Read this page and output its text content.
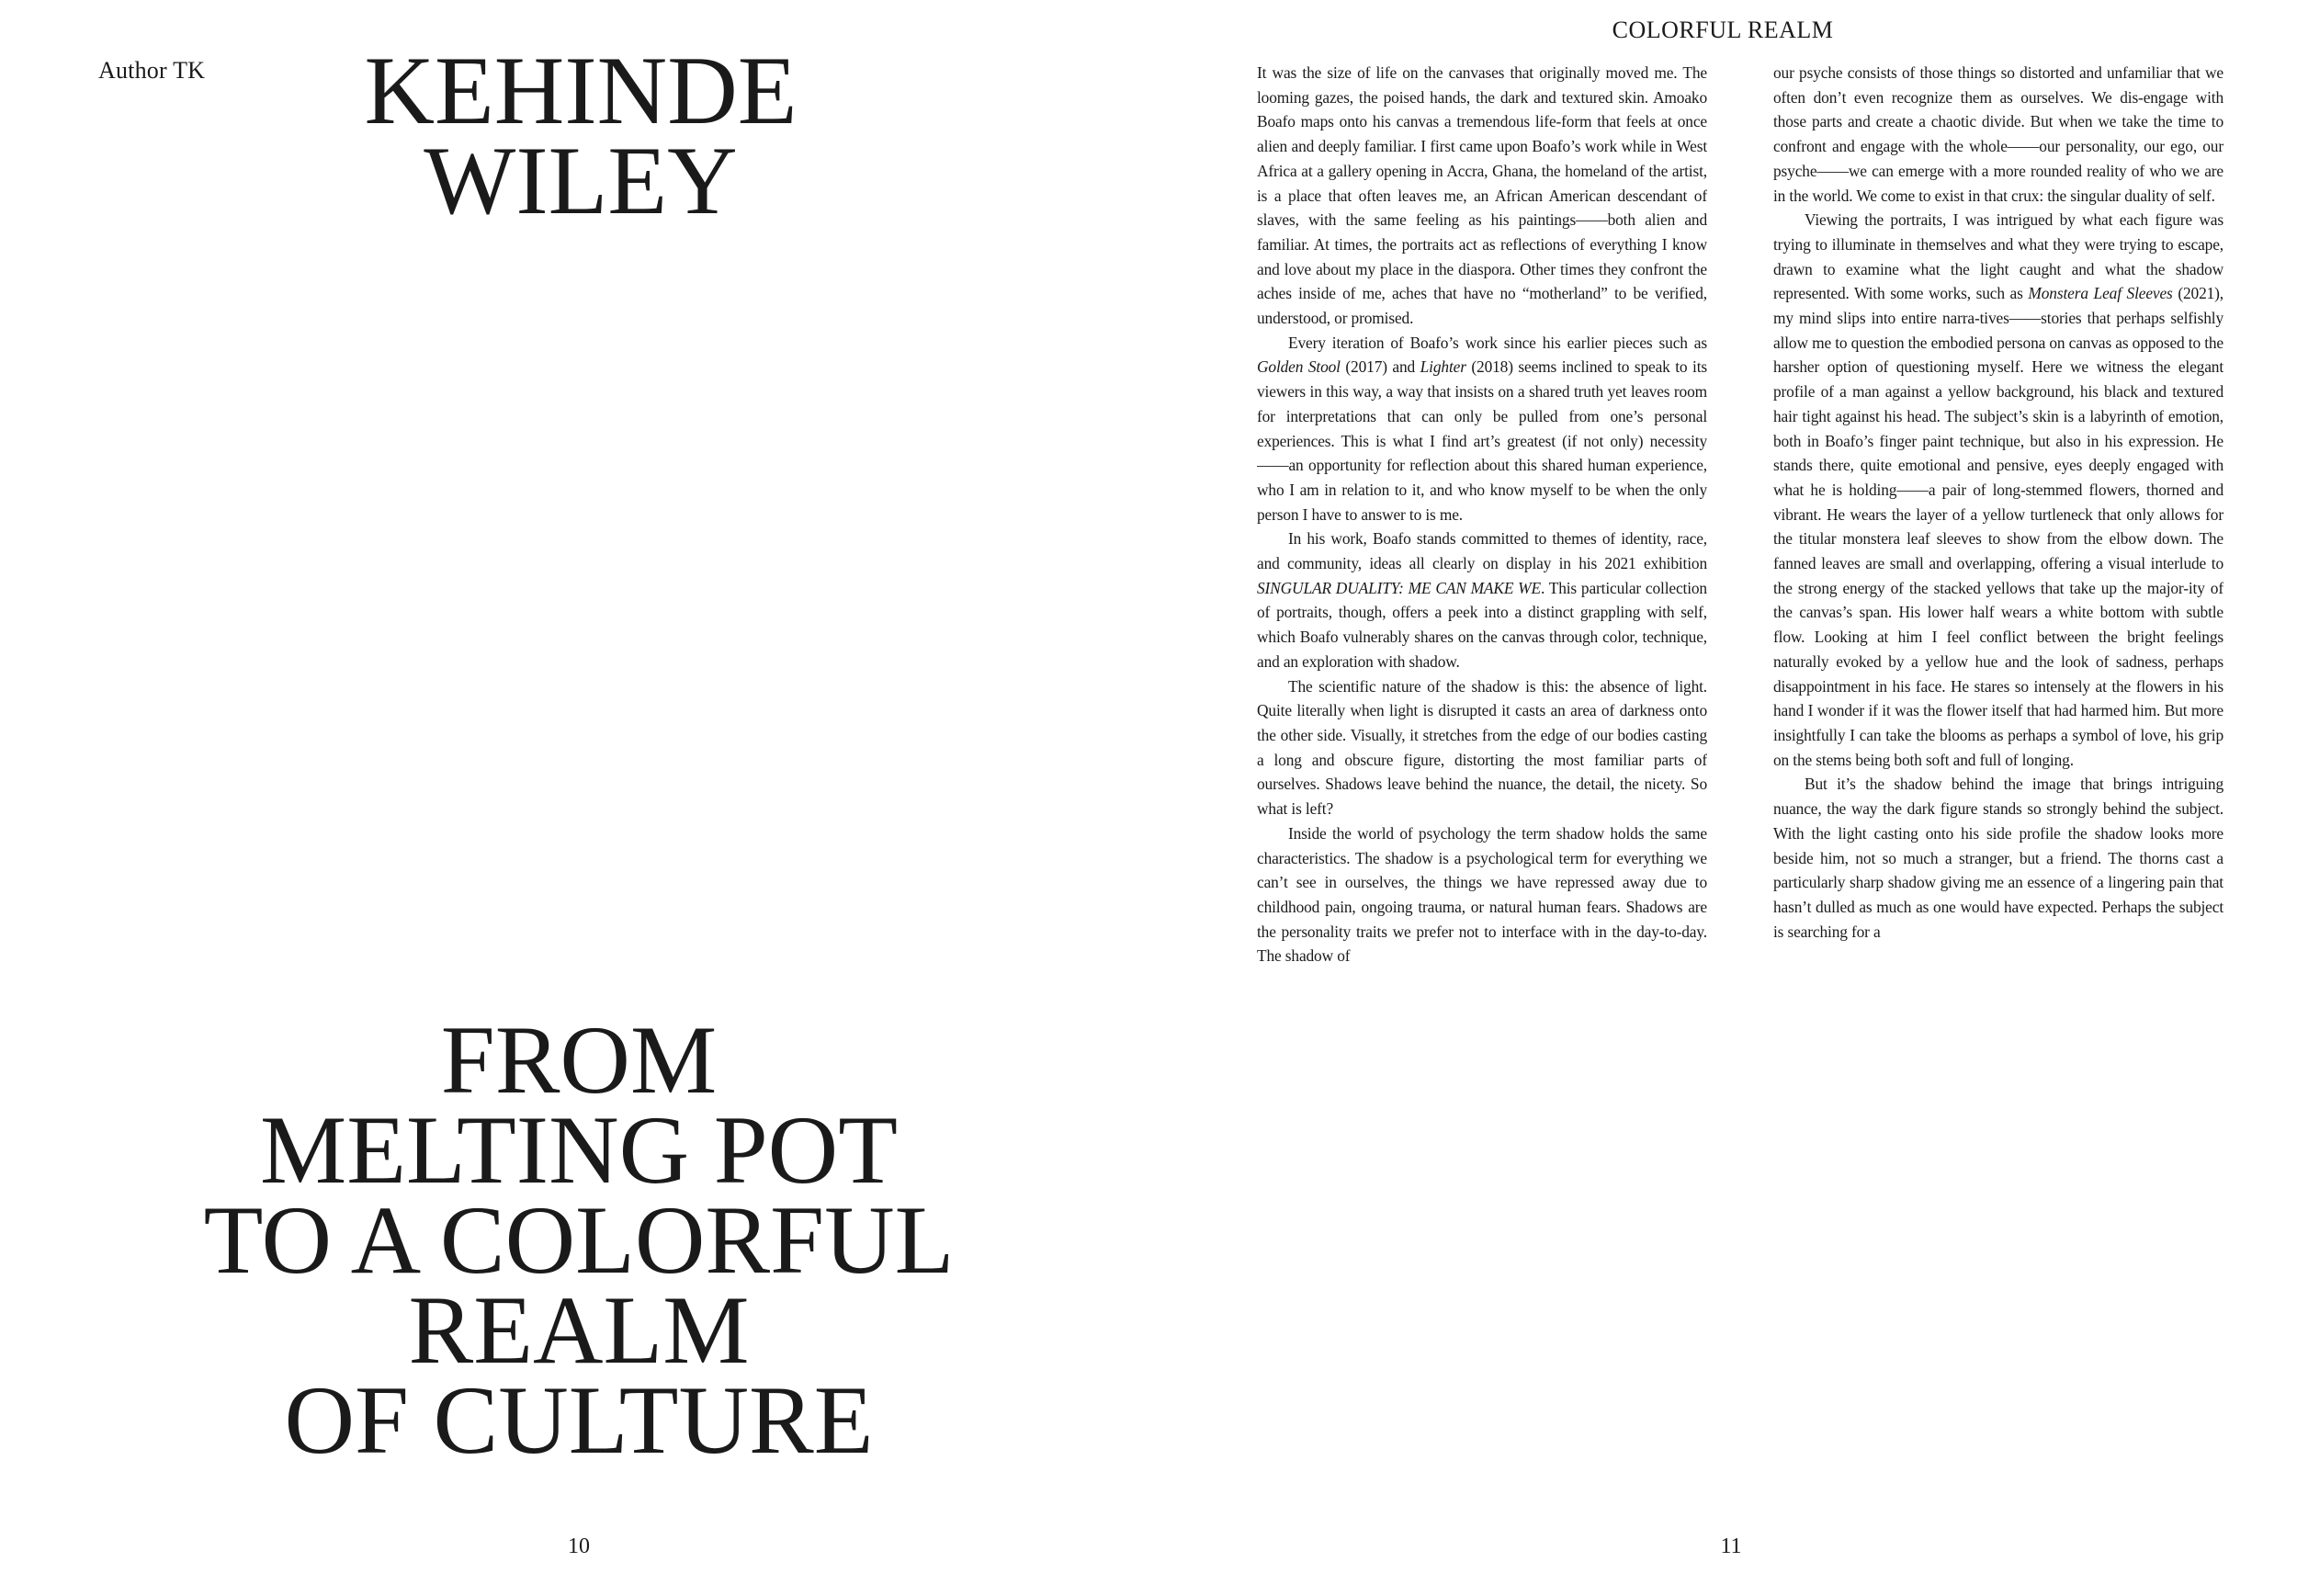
Author TK KEHINDE
WILEY
FROM
MELTING POT
TO A COLORFUL
REALM
OF CULTURE
10
COLORFUL REALM

It was the size of life on the canvases that originally moved me. The looming gazes, the poised hands, the dark and textured skin. Amoako Boafo maps onto his canvas a tremendous life-form that feels at once alien and deeply familiar. I first came upon Boafo’s work while in West Africa at a gallery opening in Accra, Ghana, the homeland of the artist, is a place that often leaves me, an African American descendant of slaves, with the same feeling as his paintings——both alien and familiar. At times, the portraits act as reflections of everything I know and love about my place in the diaspora. Other times they confront the aches inside of me, aches that have no “motherland” to be verified, understood, or promised.

Every iteration of Boafo’s work since his earlier pieces such as Golden Stool (2017) and Lighter (2018) seems inclined to speak to its viewers in this way, a way that insists on a shared truth yet leaves room for interpretations that can only be pulled from one’s personal experiences. This is what I find art’s greatest (if not only) necessity——an opportunity for reflection about this shared human experience, who I am in relation to it, and who know myself to be when the only person I have to answer to is me.

In his work, Boafo stands committed to themes of identity, race, and community, ideas all clearly on display in his 2021 exhibition SINGULAR DUALITY: ME CAN MAKE WE. This particular collection of portraits, though, offers a peek into a distinct grappling with self, which Boafo vulnerably shares on the canvas through color, technique, and an exploration with shadow.

The scientific nature of the shadow is this: the absence of light. Quite literally when light is disrupted it casts an area of darkness onto the other side. Visually, it stretches from the edge of our bodies casting a long and obscure figure, distorting the most familiar parts of ourselves. Shadows leave behind the nuance, the detail, the nicety. So what is left?

Inside the world of psychology the term shadow holds the same characteristics. The shadow is a psychological term for everything we can’t see in ourselves, the things we have repressed away due to childhood pain, ongoing trauma, or natural human fears. Shadows are the personality traits we prefer not to interface with in the day-to-day. The shadow of

our psyche consists of those things so distorted and unfamiliar that we often don’t even recognize them as ourselves. We dis-engage with those parts and create a chaotic divide. But when we take the time to confront and engage with the whole——our personality, our ego, our psyche——we can emerge with a more rounded reality of who we are in the world. We come to exist in that crux: the singular duality of self.

Viewing the portraits, I was intrigued by what each figure was trying to illuminate in themselves and what they were trying to escape, drawn to examine what the light caught and what the shadow represented. With some works, such as Monstera Leaf Sleeves (2021), my mind slips into entire narra-tives——stories that perhaps selfishly allow me to question the embodied persona on canvas as opposed to the harsher option of questioning myself. Here we witness the elegant profile of a man against a yellow background, his black and textured hair tight against his head. The subject’s skin is a labyrinth of emotion, both in Boafo’s finger paint technique, but also in his expression. He stands there, quite emotional and pensive, eyes deeply engaged with what he is holding——a pair of long-stemmed flowers, thorned and vibrant. He wears the layer of a yellow turtleneck that only allows for the titular monstera leaf sleeves to show from the elbow down. The fanned leaves are small and overlapping, offering a visual interlude to the strong energy of the stacked yellows that take up the major-ity of the canvas’s span. His lower half wears a white bottom with subtle flow. Looking at him I feel conflict between the bright feelings naturally evoked by a yellow hue and the look of sadness, perhaps disappointment in his face. He stares so intensely at the flowers in his hand I wonder if it was the flower itself that had harmed him. But more insightfully I can take the blooms as perhaps a symbol of love, his grip on the stems being both soft and full of longing.

But it’s the shadow behind the image that brings intriguing nuance, the way the dark figure stands so strongly behind the subject. With the light casting onto his side profile the shadow looks more beside him, not so much a stranger, but a friend. The thorns cast a particularly sharp shadow giving me an essence of a lingering pain that hasn’t dulled as much as one would have expected. Perhaps the subject is searching for a

11
